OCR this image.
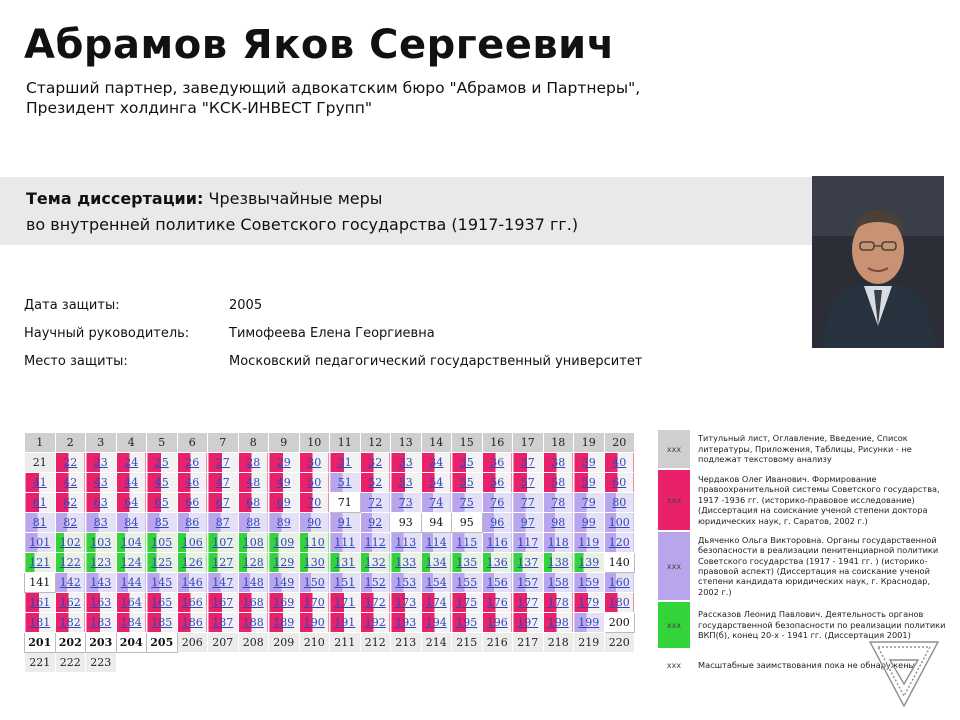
Абрамов Яков Сергеевич
Старший партнер, заведующий адвокатским бюро "Абрамов и Партнеры",
Президент холдинга "КСК-ИНВЕСТ Групп"
Тема диссертации: Чрезвычайные меры
во внутренней политике Советского государства (1917-1937 гг.)
Дата защиты:	2005
Научный руководитель:	Тимофеева Елена Георгиевна
Место защиты:	Московский педагогический государственный университет
1	2	3	4	5	6	7	8	9	10	11	12	13	14	15	16	17	18	19	20
21	22	23	24	25	26	27	28	29	30	31	32	33	34	35	36	37	38	39	40
41	42	43	44	45	46	47	48	49	50	51	52	53	54	55	56	57	58	59	60
61	62	63	64	65	66	67	68	69	70	71	72	73	74	75	76	77	78	79	80
81	82	83	84	85	86	87	88	89	90	91	92	93	94	95	96	97	98	99	100
101	102	103	104	105	106	107	108	109	110	111	112	113	114	115	116	117	118	119	120
121	122	123	124	125	126	127	128	129	130	131	132	133	134	135	136	137	138	139	140
141	142	143	144	145	146	147	148	149	150	151	152	153	154	155	156	157	158	159	160
161	162	163	164	165	166	167	168	169	170	171	172	173	174	175	176	177	178	179	180
181	182	183	184	185	186	187	188	189	190	191	192	193	194	195	196	197	198	199	200
201	202	203	204	205	206	207	208	209	210	211	212	213	214	215	216	217	218	219	220
221	222	223																	
xxx
Титульный лист, Оглавление, Введение, Список литературы, Приложения, Таблицы, Рисунки - не подлежат текстовому анализу
xxx
Чердаков Олег Иванович. Формирование правоохранительной системы Советского государства, 1917 -1936 гг. (историко-правовое исследование) (Диссертация на соискание ученой степени доктора юридических наук, г. Саратов, 2002 г.)
xxx
Дьяченко Ольга Викторовна. Органы государственной безопасности в реализации пенитенциарной политики Советского государства (1917 - 1941 гг. ) (историко-правовой аспект) (Диссертация на соискание ученой степени кандидата юридических наук, г. Краснодар, 2002 г.)
xxx
Рассказов Леонид Павлович. Деятельность органов государственной безопасности по реализации политики ВКП(б), конец 20-х - 1941 гг. (Диссертация 2001)
xxx	Масштабные заимствования пока не обнаружены
